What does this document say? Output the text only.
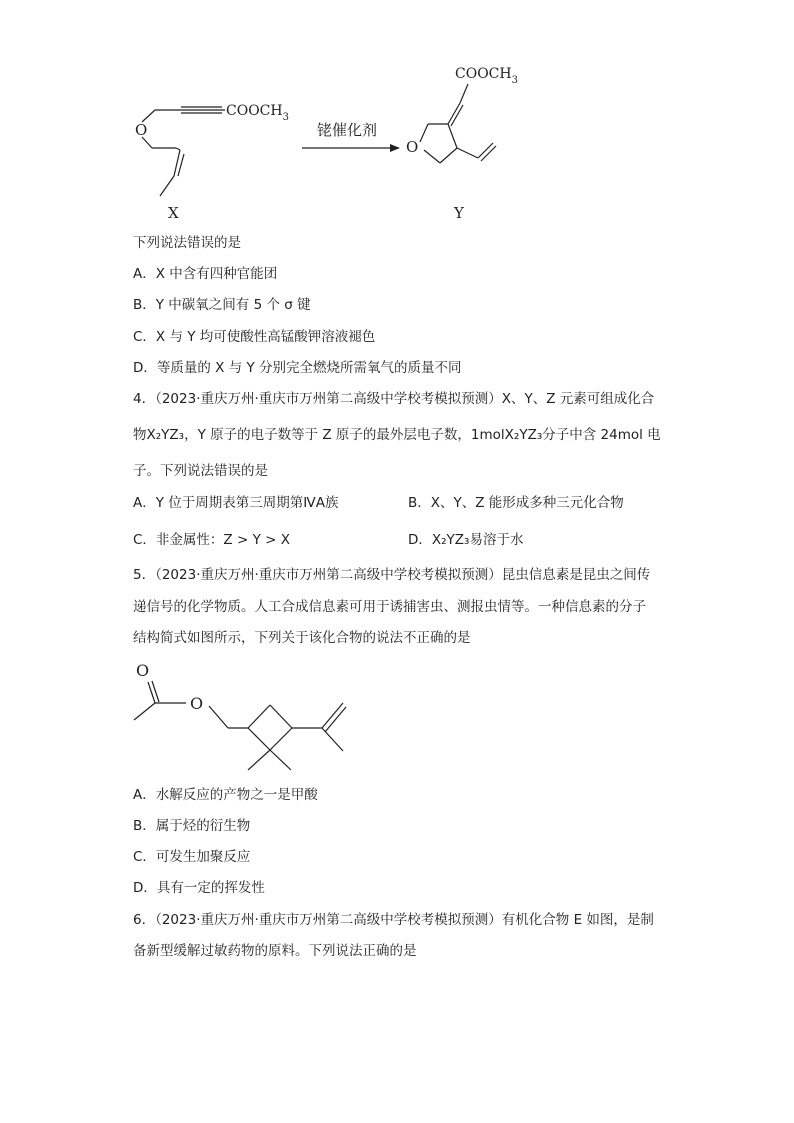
O
$COOCH_3$
X
铑催化剂
O
$COOCH_3$
Y
下列说法错误的是
A．X 中含有四种官能团
B．Y 中碳氧之间有 5 个 σ 键
C．X 与 Y 均可使酸性高锰酸钾溶液褪色
D．等质量的 X 与 Y 分别完全燃烧所需氧气的质量不同
4．（2023·重庆万州·重庆市万州第二高级中学校考模拟预测）X、Y、Z 元素可组成化合
物X₂YZ₃，Y 原子的电子数等于 Z 原子的最外层电子数，1molX₂YZ₃分子中含 24mol 电
子。下列说法错误的是
A．Y 位于周期表第三周期第ⅣA族	B．X、Y、Z 能形成多种三元化合物
C．非金属性：Z > Y > X	D．X₂YZ₃易溶于水
5．（2023·重庆万州·重庆市万州第二高级中学校考模拟预测）昆虫信息素是昆虫之间传
递信号的化学物质。人工合成信息素可用于诱捕害虫、测报虫情等。一种信息素的分子
结构简式如图所示，下列关于该化合物的说法不正确的是
O
O
A．水解反应的产物之一是甲酸
B．属于烃的衍生物
C．可发生加聚反应
D．具有一定的挥发性
6．（2023·重庆万州·重庆市万州第二高级中学校考模拟预测）有机化合物 E 如图，是制
备新型缓解过敏药物的原料。下列说法正确的是
